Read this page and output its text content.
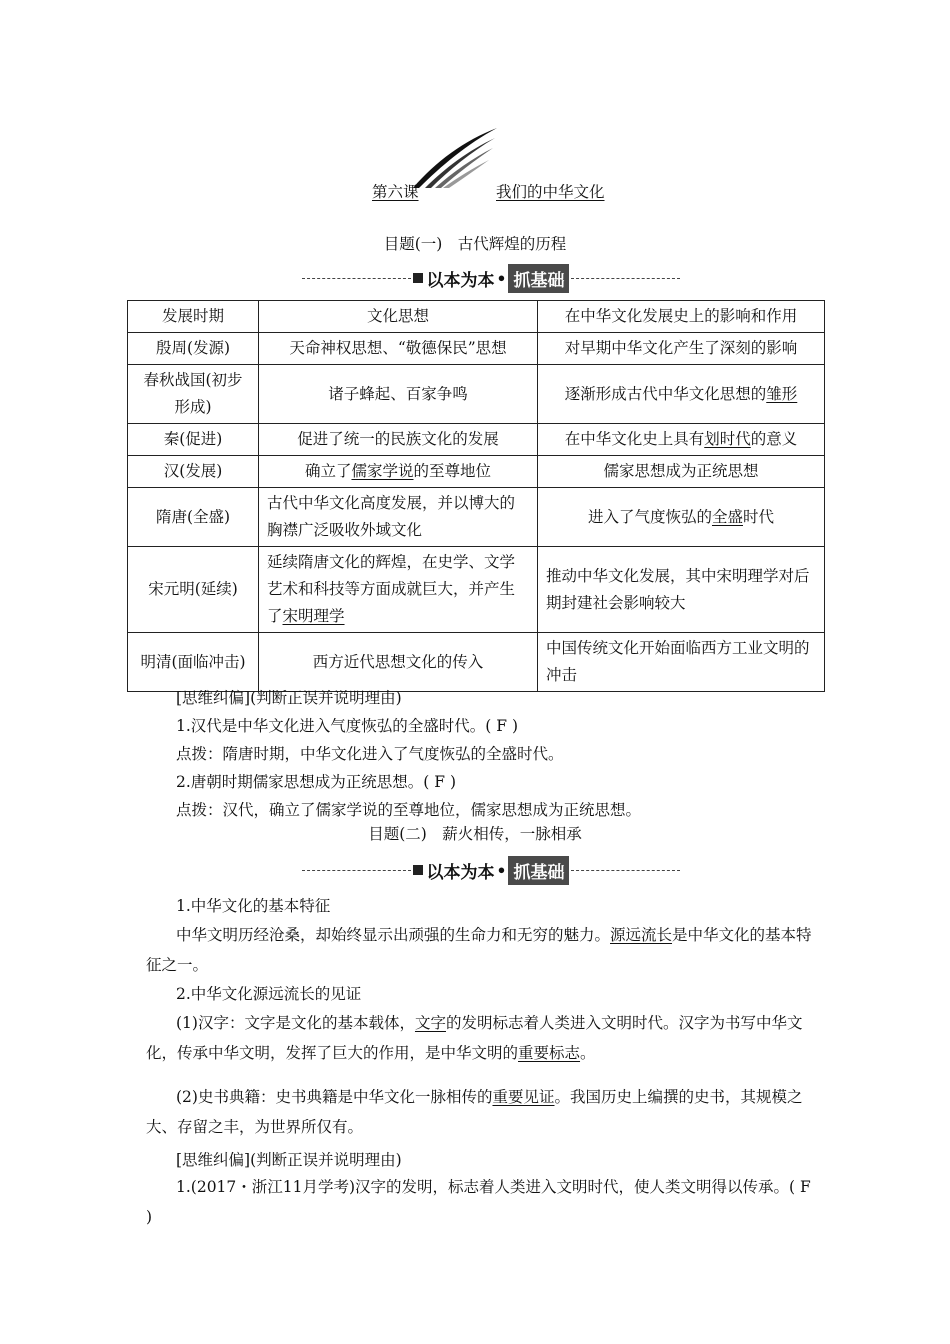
第六课	我们的中华文化
目题(一)　古代辉煌的历程
以本为本 • 抓基础
发展时期	文化思想	在中华文化发展史上的影响和作用
殷周(发源)	天命神权思想、“敬德保民”思想	对早期中华文化产生了深刻的影响
春秋战国(初步形成)	诸子蜂起、百家争鸣	逐渐形成古代中华文化思想的雏形
秦(促进)	促进了统一的民族文化的发展	在中华文化史上具有划时代的意义
汉(发展)	确立了儒家学说的至尊地位	儒家思想成为正统思想
隋唐(全盛)	古代中华文化高度发展，并以博大的胸襟广泛吸收外域文化	进入了气度恢弘的全盛时代
宋元明(延续)	延续隋唐文化的辉煌，在史学、文学艺术和科技等方面成就巨大，并产生了宋明理学	推动中华文化发展，其中宋明理学对后期封建社会影响较大
明清(面临冲击)	西方近代思想文化的传入	中国传统文化开始面临西方工业文明的冲击
[思维纠偏](判断正误并说明理由)
1.汉代是中华文化进入气度恢弘的全盛时代。( F )
点拨：隋唐时期，中华文化进入了气度恢弘的全盛时代。
2.唐朝时期儒家思想成为正统思想。( F )
点拨：汉代，确立了儒家学说的至尊地位，儒家思想成为正统思想。
目题(二)　薪火相传，一脉相承
以本为本 • 抓基础
1.中华文化的基本特征
中华文明历经沧桑，却始终显示出顽强的生命力和无穷的魅力。源远流长是中华文化的基本特征之一。
2.中华文化源远流长的见证
(1)汉字：文字是文化的基本载体，文字的发明标志着人类进入文明时代。汉字为书写中华文化，传承中华文明，发挥了巨大的作用，是中华文明的重要标志。
(2)史书典籍：史书典籍是中华文化一脉相传的重要见证。我国历史上编撰的史书，其规模之大、存留之丰，为世界所仅有。
[思维纠偏](判断正误并说明理由)
1.(2017・浙江11月学考)汉字的发明，标志着人类进入文明时代，使人类文明得以传承。( F )
